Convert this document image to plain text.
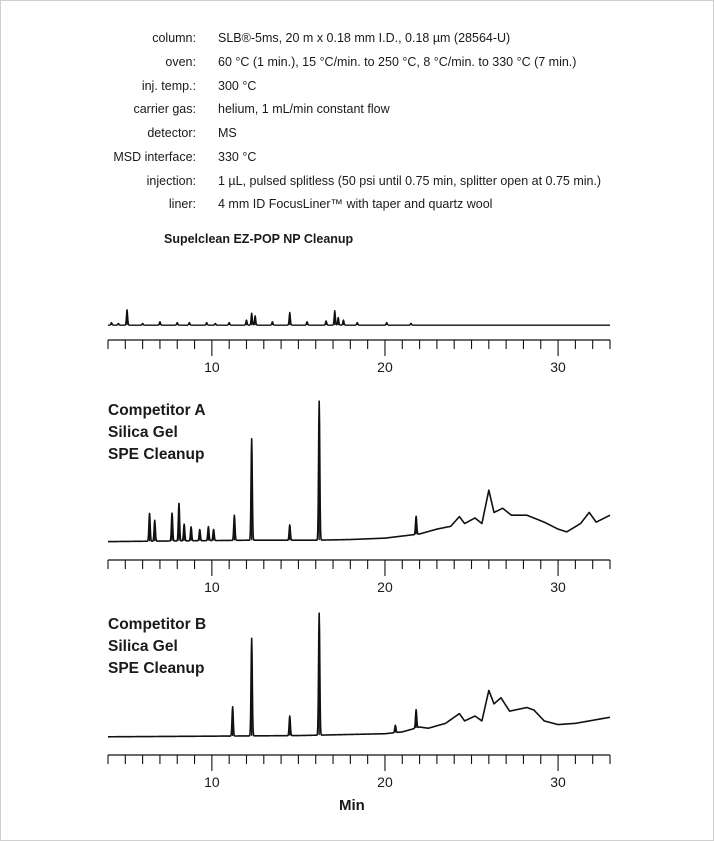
column: SLB®-5ms, 20 m x 0.18 mm I.D., 0.18 µm (28564-U)
oven: 60 °C (1 min.), 15 °C/min. to 250 °C, 8 °C/min. to 330 °C (7 min.)
inj. temp.: 300 °C
carrier gas: helium, 1 mL/min constant flow
detector: MS
MSD interface: 330 °C
injection: 1 µL, pulsed splitless (50 psi until 0.75 min, splitter open at 0.75 min.)
liner: 4 mm ID FocusLiner™ with taper and quartz wool
Supelclean EZ-POP NP Cleanup
Competitor A
Silica Gel
SPE Cleanup
Competitor B
Silica Gel
SPE Cleanup
10	20	30
10	20	30
10	20	30
Min
